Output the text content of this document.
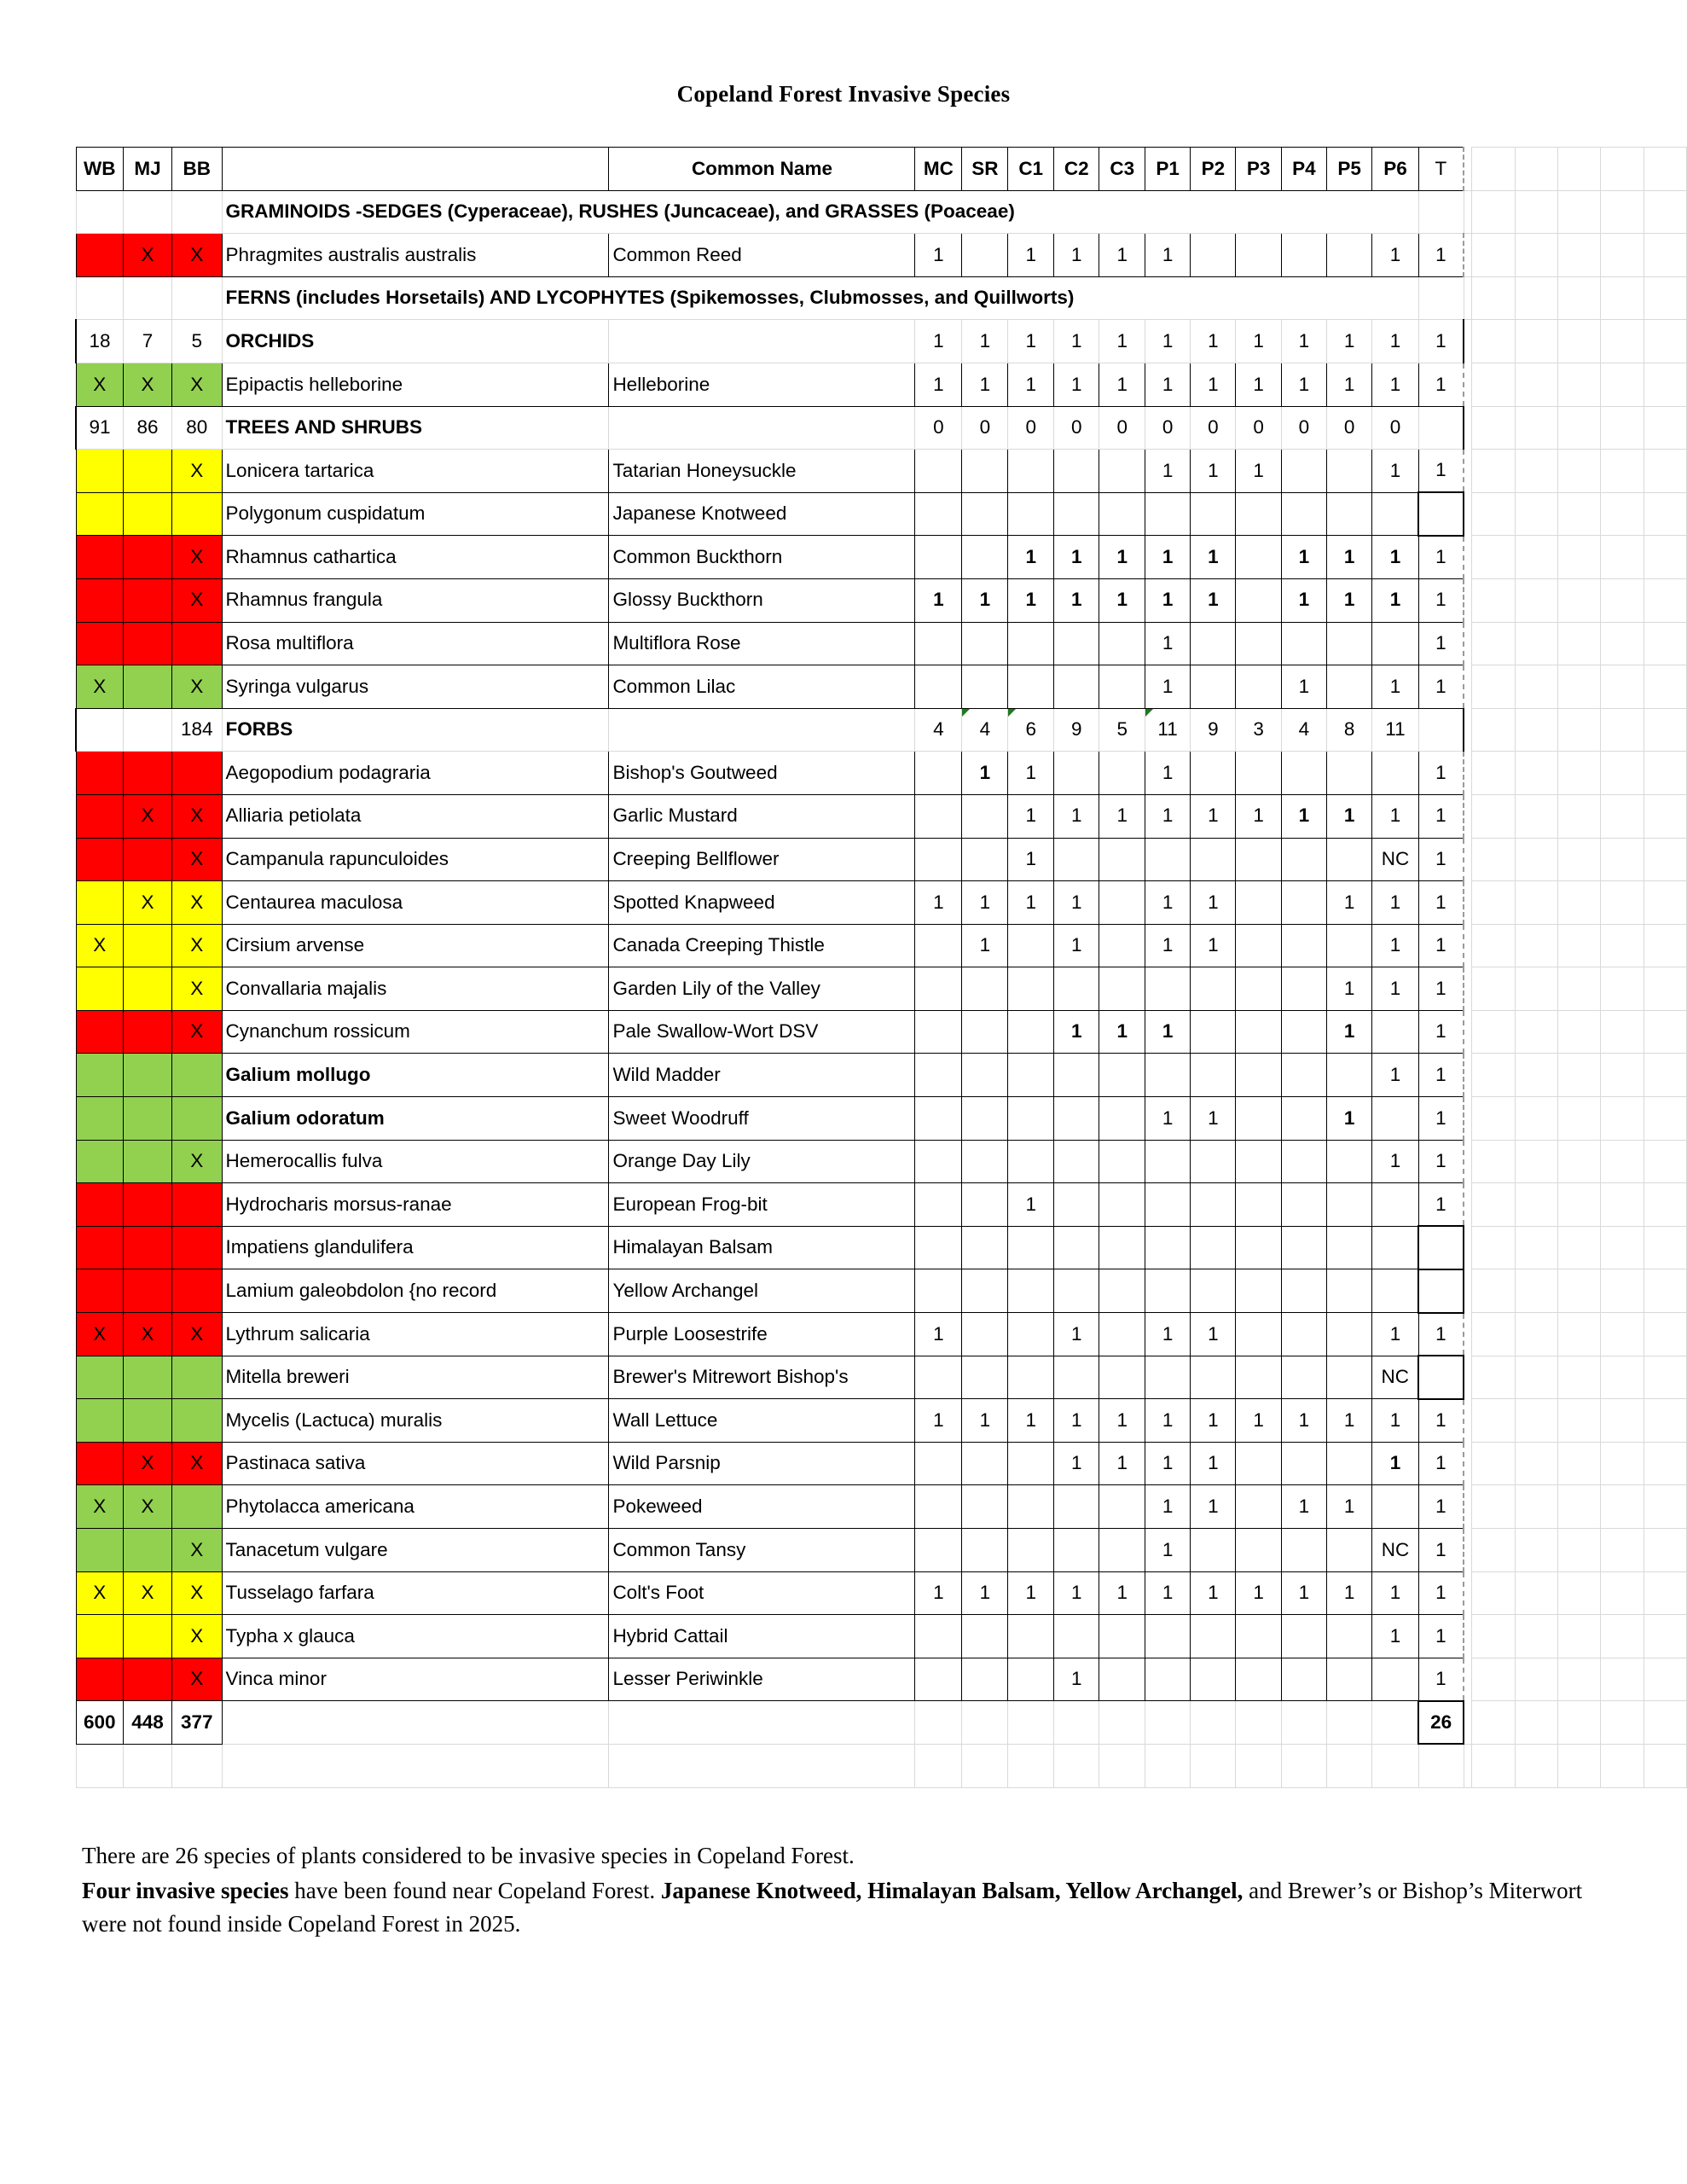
Copeland Forest Invasive Species
WB	MJ	BB		Common Name	MC	SR	C1	C2	C3	P1	P2	P3	P4	P5	P6	T						
			GRAMINOIDS -SEDGES (Cyperaceae), RUSHES (Juncaceae), and GRASSES (Poaceae)																			
	X	X	Phragmites australis australis	Common Reed	1		1	1	1	1					1	1						
			FERNS (includes Horsetails) AND LYCOPHYTES (Spikemosses, Clubmosses, and Quillworts)																			
18	7	5	ORCHIDS		1	1	1	1	1	1	1	1	1	1	1	1						
X	X	X	Epipactis helleborine	Helleborine	1	1	1	1	1	1	1	1	1	1	1	1						
91	86	80	TREES AND SHRUBS		0	0	0	0	0	0	0	0	0	0	0							
		X	Lonicera tartarica	Tatarian Honeysuckle						1	1	1			1	1						
			Polygonum cuspidatum	Japanese Knotweed																		
		X	Rhamnus cathartica	Common Buckthorn			1	1	1	1	1		1	1	1	1						
		X	Rhamnus frangula	Glossy Buckthorn	1	1	1	1	1	1	1		1	1	1	1						
			Rosa multiflora	Multiflora Rose						1						1						
X		X	Syringa vulgarus	Common Lilac						1			1		1	1						
		184	FORBS		4	4	6	9	5	11	9	3	4	8	11							
			Aegopodium podagraria	Bishop's Goutweed		1	1			1						1						
	X	X	Alliaria petiolata	Garlic Mustard			1	1	1	1	1	1	1	1	1	1						
		X	Campanula rapunculoides	Creeping Bellflower			1								NC	1						
	X	X	Centaurea maculosa	Spotted Knapweed	1	1	1	1		1	1			1	1	1						
X		X	Cirsium arvense	Canada Creeping Thistle		1		1		1	1				1	1						
		X	Convallaria majalis	Garden Lily of the Valley										1	1	1						
		X	Cynanchum rossicum	Pale Swallow-Wort DSV				1	1	1				1		1						
			Galium mollugo	Wild Madder											1	1						
			Galium odoratum	Sweet Woodruff						1	1			1		1						
		X	Hemerocallis fulva	Orange Day Lily											1	1						
			Hydrocharis morsus-ranae	European Frog-bit			1									1						
			Impatiens glandulifera	Himalayan Balsam																		
			Lamium galeobdolon {no record	Yellow Archangel																		
X	X	X	Lythrum salicaria	Purple Loosestrife	1			1		1	1				1	1						
			Mitella breweri	Brewer's Mitrewort Bishop's											NC							
			Mycelis (Lactuca) muralis	Wall Lettuce	1	1	1	1	1	1	1	1	1	1	1	1						
	X	X	Pastinaca sativa	Wild Parsnip				1	1	1	1				1	1						
X	X		Phytolacca americana	Pokeweed						1	1		1	1		1						
		X	Tanacetum vulgare	Common Tansy						1					NC	1						
X	X	X	Tusselago farfara	Colt's Foot	1	1	1	1	1	1	1	1	1	1	1	1						
		X	Typha x glauca	Hybrid Cattail											1	1						
		X	Vinca minor	Lesser Periwinkle				1								1						
600	448	377														26						

There are 26 species of plants considered to be invasive species in Copeland Forest.

Four invasive species have been found near Copeland Forest. Japanese Knotweed, Himalayan Balsam, Yellow Archangel, and Brewer’s or Bishop’s Miterwort were not found inside Copeland Forest in 2025.
